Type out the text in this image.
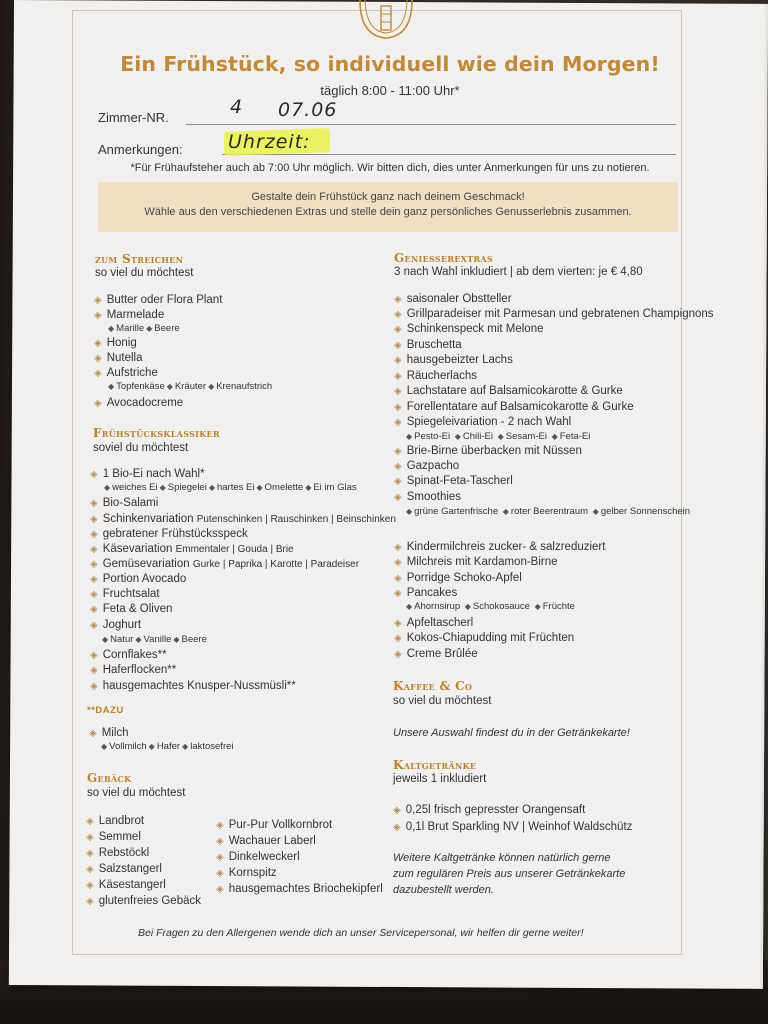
Ein Frühstück, so individuell wie dein Morgen!
täglich 8:00 - 11:00 Uhr*
Zimmer-NR.	4 07.06
Anmerkungen: Uhrzeit:
*Für Frühaufsteher auch ab 7:00 Uhr möglich. Wir bitten dich, dies unter Anmerkungen für uns zu notieren.
Gestalte dein Frühstück ganz nach deinem Geschmack!
Wähle aus den verschiedenen Extras und stelle dein ganz persönliches Genusserlebnis zusammen.
zum Streichen
so viel du möchtest
◈ Butter oder Flora Plant
◈ Marmelade
◆ Marille ◆ Beere
◈ Honig
◈ Nutella
◈ Aufstriche
◆ Topfenkäse ◆ Kräuter ◆ Krenaufstrich
◈ Avocadocreme
Frühstücksklassiker
soviel du möchtest
◈ 1 Bio-Ei nach Wahl*
◆ weiches Ei ◆ Spiegelei ◆ hartes Ei ◆ Omelette ◆ Ei im Glas
◈ Bio-Salami
◈ Schinkenvariation Putenschinken | Rauschinken | Beinschinken
◈ gebratener Frühstücksspeck
◈ Käsevariation Emmentaler | Gouda | Brie
◈ Gemüsevariation Gurke | Paprika | Karotte | Paradeiser
◈ Portion Avocado
◈ Fruchtsalat
◈ Feta & Oliven
◈ Joghurt
◆ Natur ◆ Vanille ◆ Beere
◈ Cornflakes**
◈ Haferflocken**
◈ hausgemachtes Knusper-Nussmüsli**
**DAZU
◈ Milch
◆ Vollmilch ◆ Hafer ◆ laktosefrei
Gebäck
so viel du möchtest
◈ Landbrot
◈ Semmel
◈ Rebstöckl
◈ Salzstangerl
◈ Käsestangerl
◈ glutenfreies Gebäck
◈ Pur-Pur Vollkornbrot
◈ Wachauer Laberl
◈ Dinkelweckerl
◈ Kornspitz
◈ hausgemachtes Briochekipferl
Geniesserextras
3 nach Wahl inkludiert | ab dem vierten: je € 4,80
◈ saisonaler Obstteller
◈ Grillparadeiser mit Parmesan und gebratenen Champignons
◈ Schinkenspeck mit Melone
◈ Bruschetta
◈ hausgebeizter Lachs
◈ Räucherlachs
◈ Lachstatare auf Balsamicokarotte & Gurke
◈ Forellentatare auf Balsamicokarotte & Gurke
◈ Spiegeleivariation - 2 nach Wahl
◆ Pesto-Ei ◆ Chili-Ei ◆ Sesam-Ei ◆ Feta-Ei
◈ Brie-Birne überbacken mit Nüssen
◈ Gazpacho
◈ Spinat-Feta-Tascherl
◈ Smoothies
◆ grüne Gartenfrische ◆ roter Beerentraum ◆ gelber Sonnenschein
◈ Kindermilchreis zucker- & salzreduziert
◈ Milchreis mit Kardamon-Birne
◈ Porridge Schoko-Apfel
◈ Pancakes
◆ Ahornsirup ◆ Schokosauce ◆ Früchte
◈ Apfeltascherl
◈ Kokos-Chiapudding mit Früchten
◈ Creme Brûlée
Kaffee & Co
so viel du möchtest
Unsere Auswahl findest du in der Getränkekarte!
Kaltgetränke
jeweils 1 inkludiert
◈ 0,25l frisch gepresster Orangensaft
◈ 0,1l Brut Sparkling NV | Weinhof Waldschütz
Weitere Kaltgetränke können natürlich gerne
zum regulären Preis aus unserer Getränkekarte
dazubestellt werden.
Bei Fragen zu den Allergenen wende dich an unser Servicepersonal, wir helfen dir gerne weiter!
